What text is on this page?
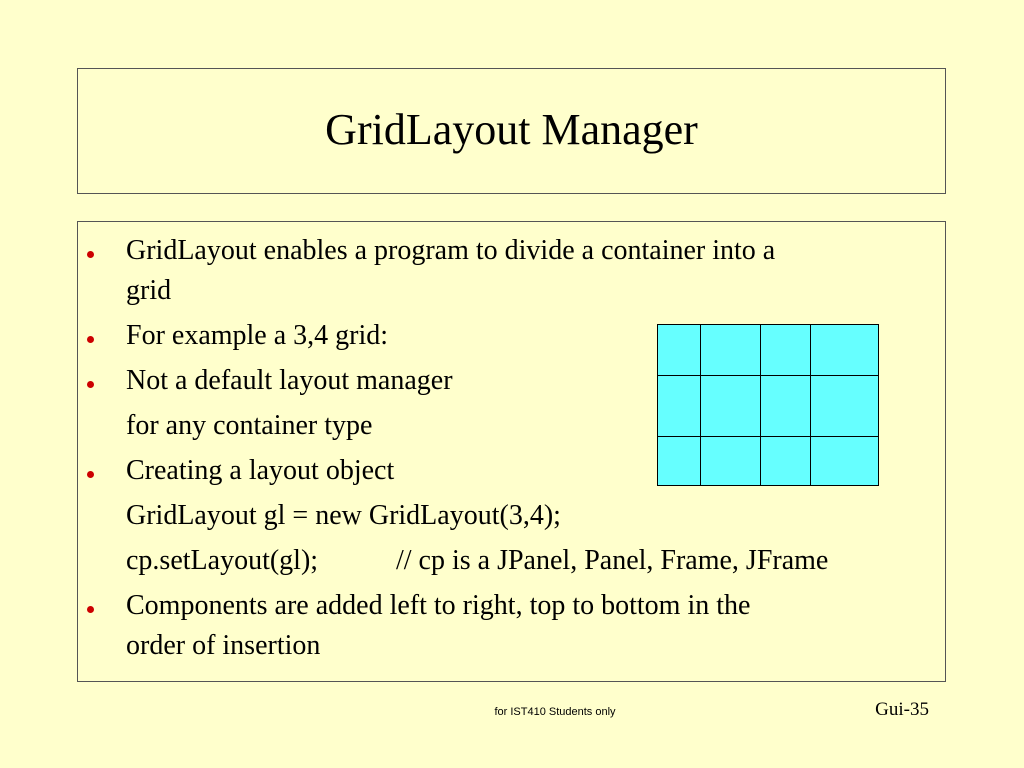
GridLayout Manager
GridLayout enables a program to divide a container into a
grid
For example a 3,4 grid:
Not a default layout manager
for any container type
Creating a layout object
GridLayout gl = new GridLayout(3,4);
cp.setLayout(gl);	// cp is a JPanel, Panel, Frame, JFrame
Components are added left to right, top to bottom in the
order of insertion
for IST410 Students only	Gui-35
